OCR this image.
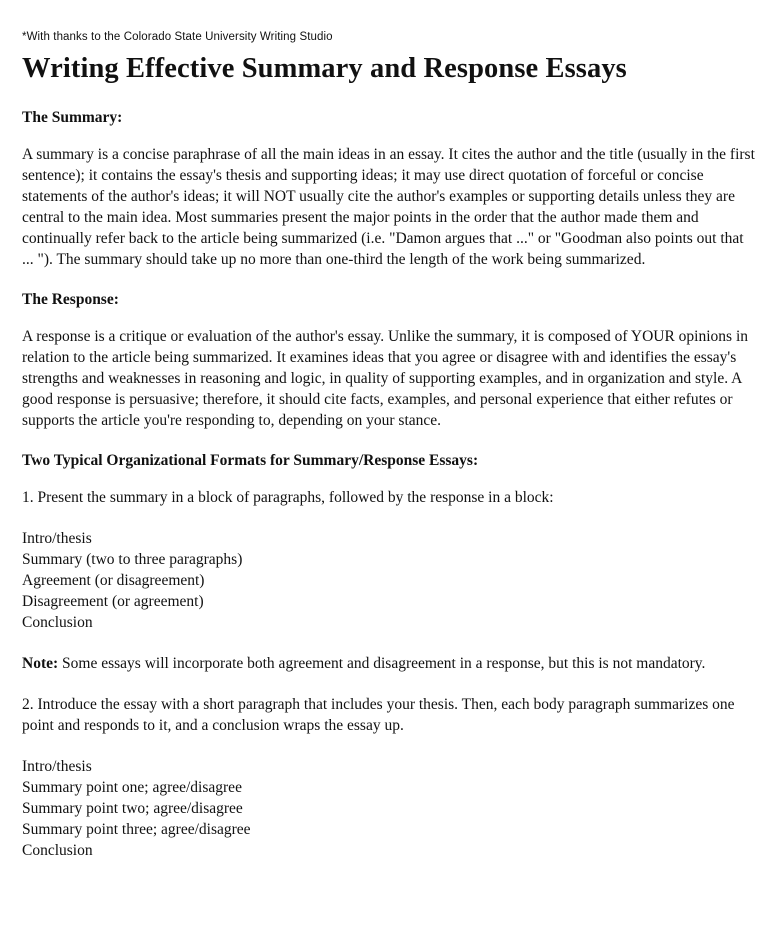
*With thanks to the Colorado State University Writing Studio
Writing Effective Summary and Response Essays
The Summary:

A summary is a concise paraphrase of all the main ideas in an essay. It cites the author and the title (usually in the first sentence); it contains the essay's thesis and supporting ideas; it may use direct quotation of forceful or concise statements of the author's ideas; it will NOT usually cite the author's examples or supporting details unless they are central to the main idea. Most summaries present the major points in the order that the author made them and continually refer back to the article being summarized (i.e. "Damon argues that ..." or "Goodman also points out that ... "). The summary should take up no more than one-third the length of the work being summarized.

The Response:

A response is a critique or evaluation of the author's essay. Unlike the summary, it is composed of YOUR opinions in relation to the article being summarized. It examines ideas that you agree or disagree with and identifies the essay's strengths and weaknesses in reasoning and logic, in quality of supporting examples, and in organization and style. A good response is persuasive; therefore, it should cite facts, examples, and personal experience that either refutes or supports the article you're responding to, depending on your stance.

Two Typical Organizational Formats for Summary/Response Essays:

1. Present the summary in a block of paragraphs, followed by the response in a block:

Intro/thesis
Summary (two to three paragraphs)
Agreement (or disagreement)
Disagreement (or agreement)
Conclusion

Note: Some essays will incorporate both agreement and disagreement in a response, but this is not mandatory.

2. Introduce the essay with a short paragraph that includes your thesis. Then, each body paragraph summarizes one point and responds to it, and a conclusion wraps the essay up.

Intro/thesis
Summary point one; agree/disagree
Summary point two; agree/disagree
Summary point three; agree/disagree
Conclusion
